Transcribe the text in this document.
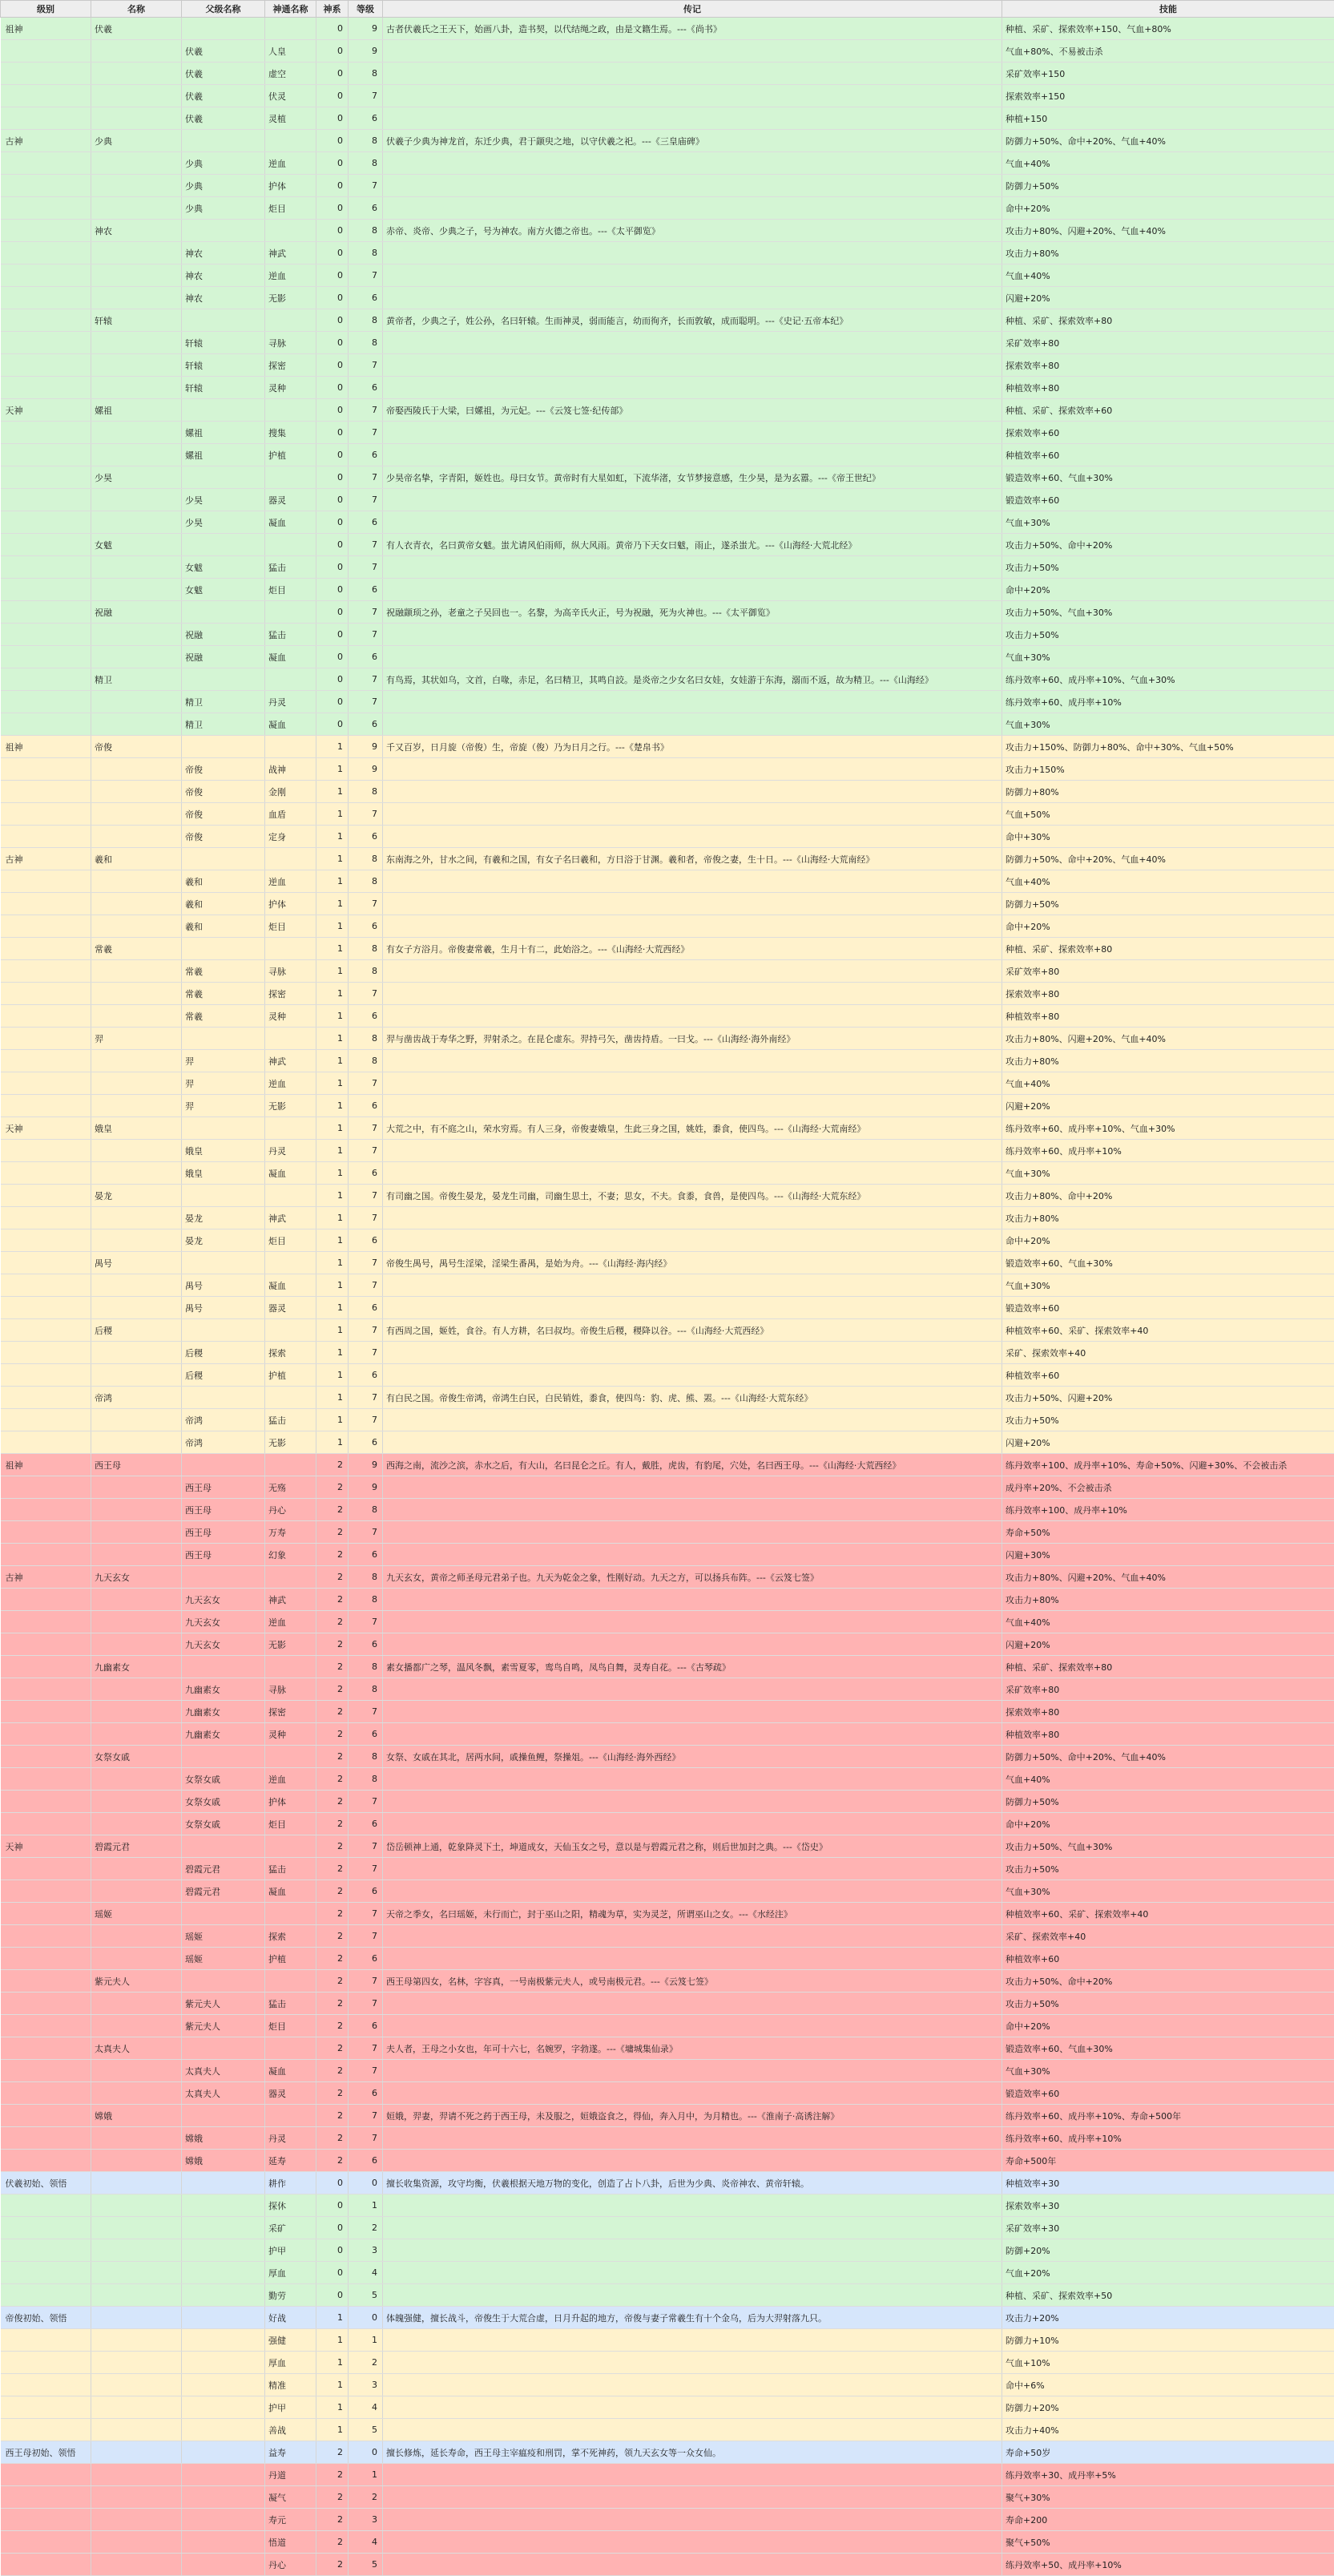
级别	名称	父级名称	神通名称	神系	等级	传记	技能
祖神	伏羲			0	9	古者伏羲氏之王天下，始画八卦，造书契，以代结绳之政，由是文籍生焉。---《尚书》	种植、采矿、探索效率+150、气血+80%
		伏羲	人皇	0	9		气血+80%、不易被击杀
		伏羲	虚空	0	8		采矿效率+150
		伏羲	伏灵	0	7		探索效率+150
		伏羲	灵植	0	6		种植+150
古神	少典			0	8	伏羲子少典为神龙首，东迁少典，君于颛臾之地，以守伏羲之祀。---《三皇庙碑》	防御力+50%、命中+20%、气血+40%
		少典	逆血	0	8		气血+40%
		少典	护体	0	7		防御力+50%
		少典	炬目	0	6		命中+20%
	神农			0	8	赤帝、炎帝、少典之子，号为神农。南方火德之帝也。---《太平御览》	攻击力+80%、闪避+20%、气血+40%
		神农	神武	0	8		攻击力+80%
		神农	逆血	0	7		气血+40%
		神农	无影	0	6		闪避+20%
	轩辕			0	8	黄帝者，少典之子，姓公孙，名曰轩辕。生而神灵，弱而能言，幼而徇齐，长而敦敏，成而聪明。---《史记·五帝本纪》	种植、采矿、探索效率+80
		轩辕	寻脉	0	8		采矿效率+80
		轩辕	探密	0	7		探索效率+80
		轩辕	灵种	0	6		种植效率+80
天神	嫘祖			0	7	帝娶西陵氏于大梁，曰嫘祖，为元妃。---《云笈七签·纪传部》	种植、采矿、探索效率+60
		嫘祖	搜集	0	7		探索效率+60
		嫘祖	护植	0	6		种植效率+60
	少昊			0	7	少昊帝名挚，字青阳，姬姓也。母曰女节。黄帝时有大星如虹，下流华渚，女节梦接意感，生少昊，是为玄嚣。---《帝王世纪》	锻造效率+60、气血+30%
		少昊	器灵	0	7		锻造效率+60
		少昊	凝血	0	6		气血+30%
	女魃			0	7	有人衣青衣，名曰黄帝女魃。蚩尤请风伯雨师，纵大风雨。黄帝乃下天女曰魃，雨止，遂杀蚩尤。---《山海经·大荒北经》	攻击力+50%、命中+20%
		女魃	猛击	0	7		攻击力+50%
		女魃	炬目	0	6		命中+20%
	祝融			0	7	祝融颛顼之孙，老童之子吴回也一。名黎，为高辛氏火正，号为祝融，死为火神也。---《太平御览》	攻击力+50%、气血+30%
		祝融	猛击	0	7		攻击力+50%
		祝融	凝血	0	6		气血+30%
	精卫			0	7	有鸟焉，其状如乌，文首，白喙，赤足，名曰精卫，其鸣自詨。是炎帝之少女名曰女娃，女娃游于东海，溺而不返，故为精卫。---《山海经》	练丹效率+60、成丹率+10%、气血+30%
		精卫	丹灵	0	7		练丹效率+60、成丹率+10%
		精卫	凝血	0	6		气血+30%
祖神	帝俊			1	9	千又百岁，日月旋（帝俊）生，帝旋（俊）乃为日月之行。---《楚帛书》	攻击力+150%、防御力+80%、命中+30%、气血+50%
		帝俊	战神	1	9		攻击力+150%
		帝俊	金刚	1	8		防御力+80%
		帝俊	血盾	1	7		气血+50%
		帝俊	定身	1	6		命中+30%
古神	羲和			1	8	东南海之外，甘水之间，有羲和之国，有女子名曰羲和，方日浴于甘渊。羲和者，帝俊之妻，生十日。---《山海经·大荒南经》	防御力+50%、命中+20%、气血+40%
		羲和	逆血	1	8		气血+40%
		羲和	护体	1	7		防御力+50%
		羲和	炬目	1	6		命中+20%
	常羲			1	8	有女子方浴月。帝俊妻常羲，生月十有二，此始浴之。---《山海经·大荒西经》	种植、采矿、探索效率+80
		常羲	寻脉	1	8		采矿效率+80
		常羲	探密	1	7		探索效率+80
		常羲	灵种	1	6		种植效率+80
	羿			1	8	羿与凿齿战于寿华之野，羿射杀之。在昆仑虚东。羿持弓矢，凿齿持盾。一曰戈。---《山海经·海外南经》	攻击力+80%、闪避+20%、气血+40%
		羿	神武	1	8		攻击力+80%
		羿	逆血	1	7		气血+40%
		羿	无影	1	6		闪避+20%
天神	娥皇			1	7	大荒之中，有不庭之山，荣水穷焉。有人三身，帝俊妻娥皇，生此三身之国，姚姓，黍食，使四鸟。---《山海经·大荒南经》	练丹效率+60、成丹率+10%、气血+30%
		娥皇	丹灵	1	7		练丹效率+60、成丹率+10%
		娥皇	凝血	1	6		气血+30%
	晏龙			1	7	有司幽之国。帝俊生晏龙，晏龙生司幽，司幽生思土，不妻；思女，不夫。食黍，食兽，是使四鸟。---《山海经·大荒东经》	攻击力+80%、命中+20%
		晏龙	神武	1	7		攻击力+80%
		晏龙	炬目	1	6		命中+20%
	禺号			1	7	帝俊生禺号，禺号生淫梁，淫梁生番禺，是始为舟。---《山海经·海内经》	锻造效率+60、气血+30%
		禺号	凝血	1	7		气血+30%
		禺号	器灵	1	6		锻造效率+60
	后稷			1	7	有西周之国，姬姓，食谷。有人方耕，名曰叔均。帝俊生后稷，稷降以谷。---《山海经·大荒西经》	种植效率+60、采矿、探索效率+40
		后稷	探索	1	7		采矿、探索效率+40
		后稷	护植	1	6		种植效率+60
	帝鸿			1	7	有白民之国。帝俊生帝鸿，帝鸿生白民，白民销姓，黍食，使四鸟：豹、虎、熊、罴。---《山海经·大荒东经》	攻击力+50%、闪避+20%
		帝鸿	猛击	1	7		攻击力+50%
		帝鸿	无影	1	6		闪避+20%
祖神	西王母			2	9	西海之南，流沙之滨，赤水之后，有大山，名曰昆仑之丘。有人，戴胜，虎齿，有豹尾，穴处，名曰西王母。---《山海经·大荒西经》	练丹效率+100、成丹率+10%、寿命+50%、闪避+30%、不会被击杀
		西王母	无殇	2	9		成丹率+20%、不会被击杀
		西王母	丹心	2	8		练丹效率+100、成丹率+10%
		西王母	万寿	2	7		寿命+50%
		西王母	幻象	2	6		闪避+30%
古神	九天玄女			2	8	九天玄女，黄帝之师圣母元君弟子也。九天为乾金之象，性刚好动。九天之方，可以扬兵布阵。---《云笈七签》	攻击力+80%、闪避+20%、气血+40%
		九天玄女	神武	2	8		攻击力+80%
		九天玄女	逆血	2	7		气血+40%
		九天玄女	无影	2	6		闪避+20%
	九幽素女			2	8	素女播都广之琴，温风冬飘，素雪夏零，鸾鸟自鸣，凤鸟自舞，灵寿自花。---《古琴疏》	种植、采矿、探索效率+80
		九幽素女	寻脉	2	8		采矿效率+80
		九幽素女	探密	2	7		探索效率+80
		九幽素女	灵种	2	6		种植效率+80
	女祭女戚			2	8	女祭、女戚在其北，居两水间，戚操鱼鲤，祭操俎。---《山海经·海外西经》	防御力+50%、命中+20%、气血+40%
		女祭女戚	逆血	2	8		气血+40%
		女祭女戚	护体	2	7		防御力+50%
		女祭女戚	炬目	2	6		命中+20%
天神	碧霞元君			2	7	岱岳顿神上通，乾象降灵下土，坤道成女，天仙玉女之号，意以是与碧霞元君之称，则后世加封之典。---《岱史》	攻击力+50%、气血+30%
		碧霞元君	猛击	2	7		攻击力+50%
		碧霞元君	凝血	2	6		气血+30%
	瑶姬			2	7	天帝之季女，名曰瑶姬，未行而亡，封于巫山之阳，精魂为草，实为灵芝，所谓巫山之女。---《水经注》	种植效率+60、采矿、探索效率+40
		瑶姬	探索	2	7		采矿、探索效率+40
		瑶姬	护植	2	6		种植效率+60
	紫元夫人			2	7	西王母第四女，名林，字容真，一号南极紫元夫人，或号南极元君。---《云笈七签》	攻击力+50%、命中+20%
		紫元夫人	猛击	2	7		攻击力+50%
		紫元夫人	炬目	2	6		命中+20%
	太真夫人			2	7	夫人者，王母之小女也，年可十六七，名婉罗，字勃遂。---《墉城集仙录》	锻造效率+60、气血+30%
		太真夫人	凝血	2	7		气血+30%
		太真夫人	器灵	2	6		锻造效率+60
	嫦娥			2	7	姮娥，羿妻，羿请不死之药于西王母，未及服之，姮娥盗食之，得仙，奔入月中，为月精也。---《淮南子·高诱注解》	练丹效率+60、成丹率+10%、寿命+500年
		嫦娥	丹灵	2	7		练丹效率+60、成丹率+10%
		嫦娥	延寿	2	6		寿命+500年
伏羲初始、领悟			耕作	0	0	擅长收集资源，攻守均衡，伏羲根据天地万物的变化，创造了占卜八卦，后世为少典、炎帝神农、黄帝轩辕。	种植效率+30
			探休	0	1		探索效率+30
			采矿	0	2		采矿效率+30
			护甲	0	3		防御+20%
			厚血	0	4		气血+20%
			勤劳	0	5		种植、采矿、探索效率+50
帝俊初始、领悟			好战	1	0	体魄强健，擅长战斗，帝俊生于大荒合虚，日月升起的地方，帝俊与妻子常羲生有十个金乌，后为大羿射落九只。	攻击力+20%
			强健	1	1		防御力+10%
			厚血	1	2		气血+10%
			精准	1	3		命中+6%
			护甲	1	4		防御力+20%
			善战	1	5		攻击力+40%
西王母初始、领悟			益寿	2	0	擅长修炼，延长寿命，西王母主宰瘟疫和刑罚，掌不死神药，领九天玄女等一众女仙。	寿命+50岁
			丹道	2	1		练丹效率+30、成丹率+5%
			凝气	2	2		聚气+30%
			寿元	2	3		寿命+200
			悟道	2	4		聚气+50%
			丹心	2	5		练丹效率+50、成丹率+10%
